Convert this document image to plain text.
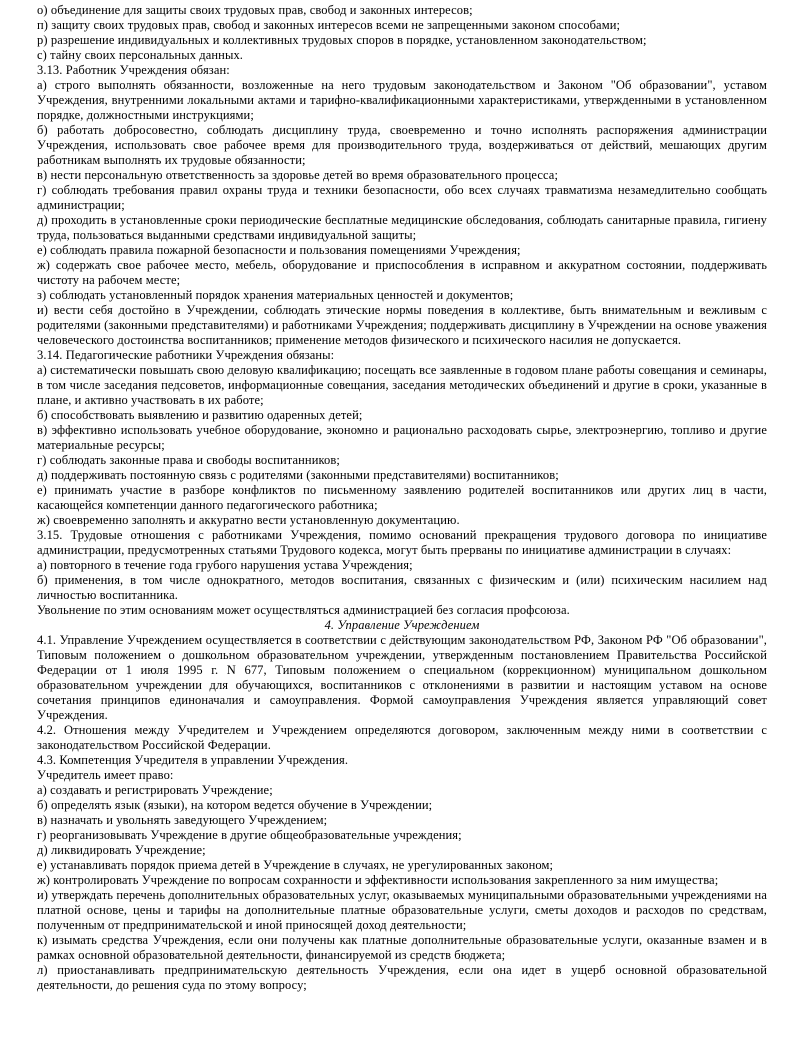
о) объединение для защиты своих трудовых прав, свобод и законных интересов;

п) защиту своих трудовых прав, свобод и законных интересов всеми не запрещенными законом способами;

р) разрешение индивидуальных и коллективных трудовых споров в порядке, установленном законодательством;

с) тайну своих персональных данных.

3.13. Работник Учреждения обязан:

а) строго выполнять обязанности, возложенные на него трудовым законодательством и Законом "Об образовании", уставом Учреждения, внутренними локальными актами и тарифно-квалификационными характеристиками, утвержденными в установленном порядке, должностными инструкциями;

б) работать добросовестно, соблюдать дисциплину труда, своевременно и точно исполнять распоряжения администрации Учреждения, использовать свое рабочее время для производительного труда, воздерживаться от действий, мешающих другим работникам выполнять их трудовые обязанности;

в) нести персональную ответственность за здоровье детей во время образовательного процесса;

г) соблюдать требования правил охраны труда и техники безопасности, обо всех случаях травматизма незамедлительно сообщать администрации;

д) проходить в установленные сроки периодические бесплатные медицинские обследования, соблюдать санитарные правила, гигиену труда, пользоваться выданными средствами индивидуальной защиты;

е) соблюдать правила пожарной безопасности и пользования помещениями Учреждения;

ж) содержать свое рабочее место, мебель, оборудование и приспособления в исправном и аккуратном состоянии, поддерживать чистоту на рабочем месте;

з) соблюдать установленный порядок хранения материальных ценностей и документов;

и) вести себя достойно в Учреждении, соблюдать этические нормы поведения в коллективе, быть внимательным и вежливым с родителями (законными представителями) и работниками Учреждения; поддерживать дисциплину в Учреждении на основе уважения человеческого достоинства воспитанников; применение методов физического и психического насилия не допускается.

3.14. Педагогические работники Учреждения обязаны:

а) систематически повышать свою деловую квалификацию; посещать все заявленные в годовом плане работы совещания и семинары, в том числе заседания педсоветов, информационные совещания, заседания методических объединений и другие в сроки, указанные в плане, и активно участвовать в их работе;

б) способствовать выявлению и развитию одаренных детей;

в) эффективно использовать учебное оборудование, экономно и рационально расходовать сырье, электроэнергию, топливо и другие материальные ресурсы;

г) соблюдать законные права и свободы воспитанников;

д) поддерживать постоянную связь с родителями (законными представителями) воспитанников;

е) принимать участие в разборе конфликтов по письменному заявлению родителей воспитанников или других лиц в части, касающейся компетенции данного педагогического работника;

ж) своевременно заполнять и аккуратно вести установленную документацию.

3.15. Трудовые отношения с работниками Учреждения, помимо оснований прекращения трудового договора по инициативе администрации, предусмотренных статьями Трудового кодекса, могут быть прерваны по инициативе администрации в случаях:

а) повторного в течение года грубого нарушения устава Учреждения;

б) применения, в том числе однократного, методов воспитания, связанных с физическим и (или) психическим насилием над личностью воспитанника.

Увольнение по этим основаниям может осуществляться администрацией без согласия профсоюза.

4. Управление Учреждением

4.1. Управление Учреждением осуществляется в соответствии с действующим законодательством РФ, Законом РФ "Об образовании", Типовым положением о дошкольном образовательном учреждении, утвержденным постановлением Правительства Российской Федерации от 1 июля 1995 г. N 677, Типовым положением о специальном (коррекционном) муниципальном дошкольном образовательном учреждении для обучающихся, воспитанников с отклонениями в развитии и настоящим уставом на основе сочетания принципов единоначалия и самоуправления. Формой самоуправления Учреждения является управляющий совет Учреждения.

4.2. Отношения между Учредителем и Учреждением определяются договором, заключенным между ними в соответствии с законодательством Российской Федерации.

4.3. Компетенция Учредителя в управлении Учреждения.

Учредитель имеет право:

а) создавать и регистрировать Учреждение;

б) определять язык (языки), на котором ведется обучение в Учреждении;

в) назначать и увольнять заведующего Учреждением;

г) реорганизовывать Учреждение в другие общеобразовательные учреждения;

д) ликвидировать Учреждение;

е) устанавливать порядок приема детей в Учреждение в случаях, не урегулированных законом;

ж) контролировать Учреждение по вопросам сохранности и эффективности использования закрепленного за ним имущества;

и) утверждать перечень дополнительных образовательных услуг, оказываемых муниципальными образовательными учреждениями на платной основе, цены и тарифы на дополнительные платные образовательные услуги, сметы доходов и расходов по средствам, полученным от предпринимательской и иной приносящей доход деятельности;

к) изымать средства Учреждения, если они получены как платные дополнительные образовательные услуги, оказанные взамен и в рамках основной образовательной деятельности, финансируемой из средств бюджета;

л) приостанавливать предпринимательскую деятельность Учреждения, если она идет в ущерб основной образовательной деятельности, до решения суда по этому вопросу;
